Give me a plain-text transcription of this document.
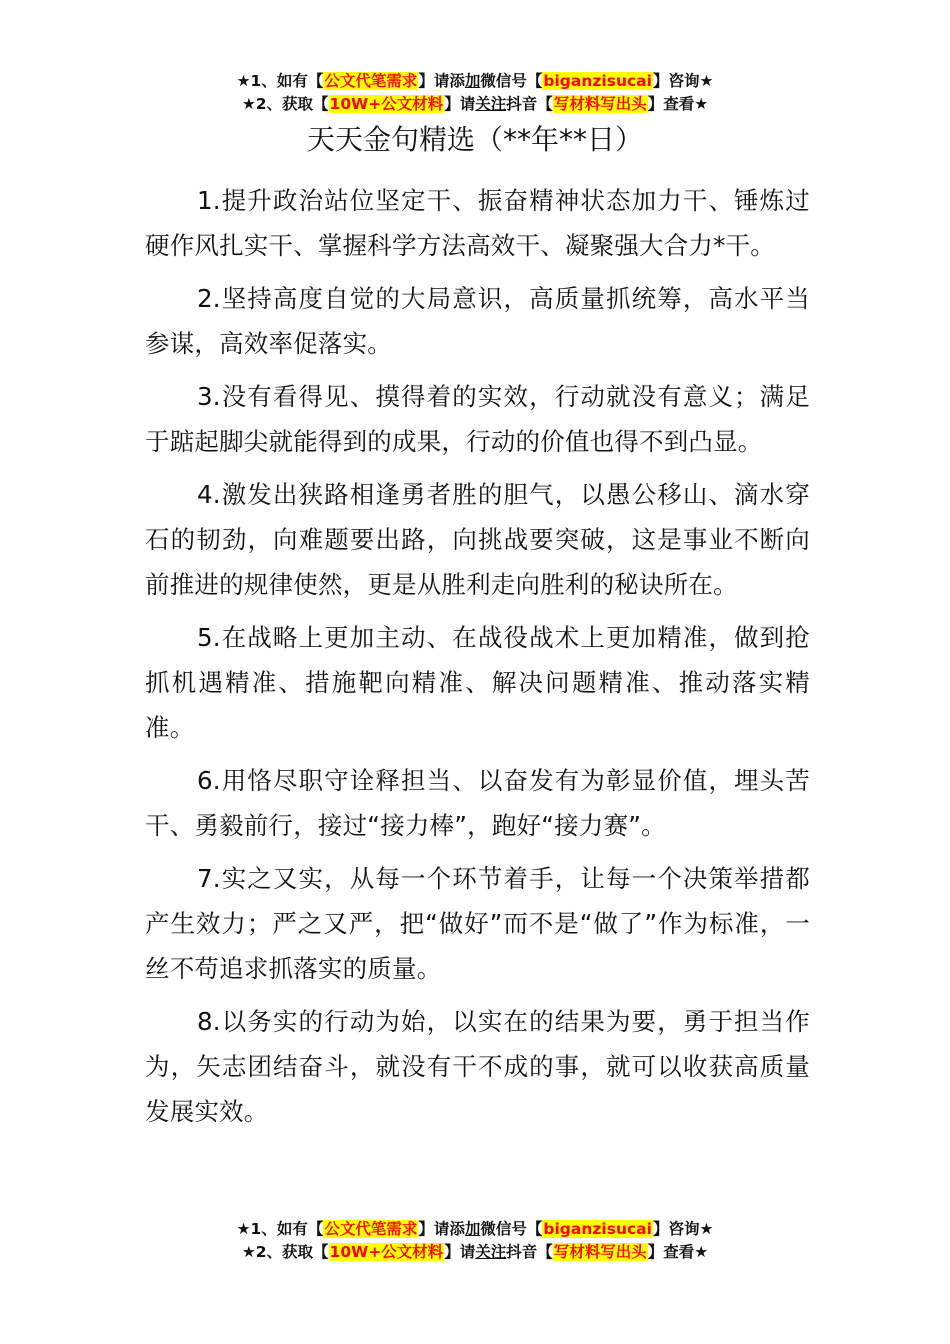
★1、如有【公文代笔需求】请添加微信号【biganzisucai】咨询★
★2、获取【10W+公文材料】请关注抖音【写材料写出头】查看★
天天金句精选（**年**日）

1.提升政治站位坚定干、振奋精神状态加力干、锤炼过硬作风扎实干、掌握科学方法高效干、凝聚强大合力*干。

2.坚持高度自觉的大局意识，高质量抓统筹，高水平当参谋，高效率促落实。

3.没有看得见、摸得着的实效，行动就没有意义；满足于踮起脚尖就能得到的成果，行动的价值也得不到凸显。

4.激发出狭路相逢勇者胜的胆气，以愚公移山、滴水穿石的韧劲，向难题要出路，向挑战要突破，这是事业不断向前推进的规律使然，更是从胜利走向胜利的秘诀所在。

5.在战略上更加主动、在战役战术上更加精准，做到抢抓机遇精准、措施靶向精准、解决问题精准、推动落实精准。

6.用恪尽职守诠释担当、以奋发有为彰显价值，埋头苦干、勇毅前行，接过“接力棒”，跑好“接力赛”。

7.实之又实，从每一个环节着手，让每一个决策举措都产生效力；严之又严，把“做好”而不是“做了”作为标准，一丝不苟追求抓落实的质量。

8.以务实的行动为始，以实在的结果为要，勇于担当作为，矢志团结奋斗，就没有干不成的事，就可以收获高质量发展实效。

★1、如有【公文代笔需求】请添加微信号【biganzisucai】咨询★
★2、获取【10W+公文材料】请关注抖音【写材料写出头】查看★
